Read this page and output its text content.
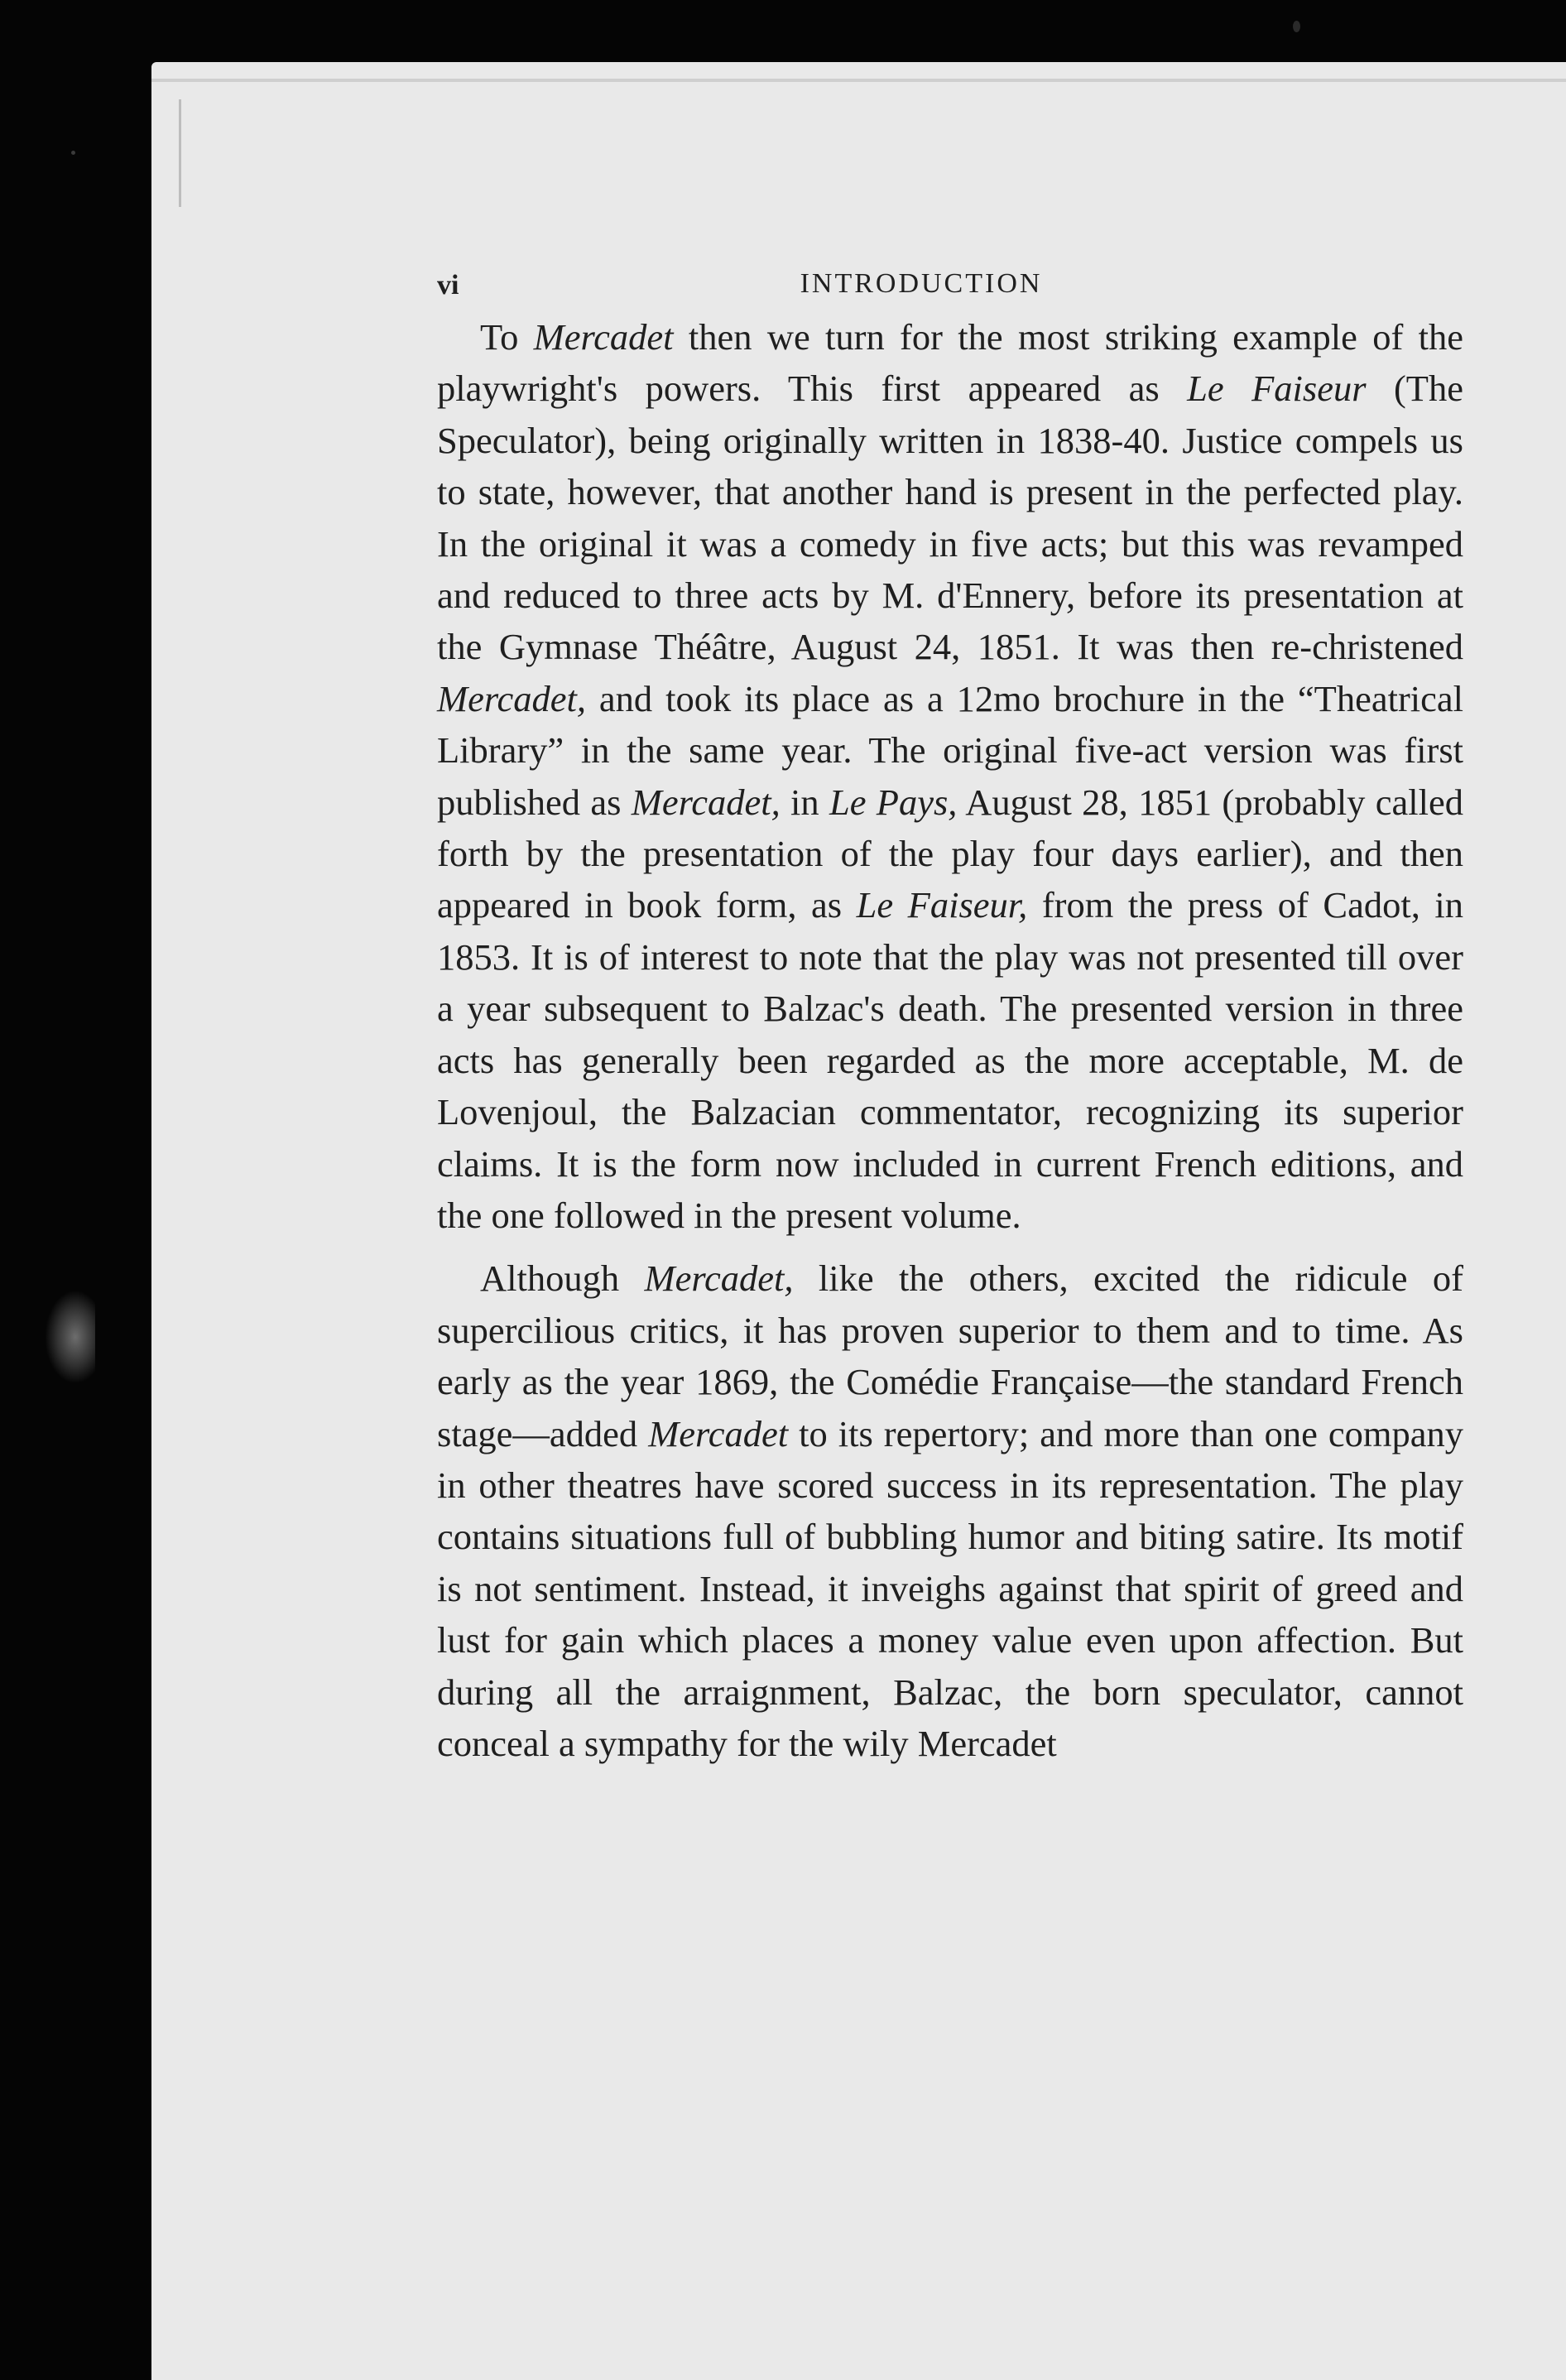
vi	INTRODUCTION

To Mercadet then we turn for the most striking example of the playwright's powers. This first appeared as Le Faiseur (The Speculator), being originally written in 1838-40. Justice compels us to state, however, that another hand is present in the perfected play. In the original it was a comedy in five acts; but this was revamped and reduced to three acts by M. d'Ennery, before its presentation at the Gymnase Théâtre, August 24, 1851. It was then re-christened Mercadet, and took its place as a 12mo brochure in the “Theatrical Library” in the same year. The original five-act version was first published as Mercadet, in Le Pays, August 28, 1851 (probably called forth by the presentation of the play four days earlier), and then appeared in book form, as Le Faiseur, from the press of Cadot, in 1853. It is of interest to note that the play was not presented till over a year subsequent to Balzac's death. The presented version in three acts has generally been regarded as the more acceptable, M. de Lovenjoul, the Balzacian commentator, recognizing its superior claims. It is the form now included in current French editions, and the one followed in the present volume.

Although Mercadet, like the others, excited the ridicule of supercilious critics, it has proven superior to them and to time. As early as the year 1869, the Comédie Française—the standard French stage—added Mercadet to its repertory; and more than one company in other theatres have scored success in its representation. The play contains situations full of bubbling humor and biting satire. Its motif is not sentiment. Instead, it inveighs against that spirit of greed and lust for gain which places a money value even upon affection. But during all the arraignment, Balzac, the born speculator, cannot conceal a sympathy for the wily Mercadet
